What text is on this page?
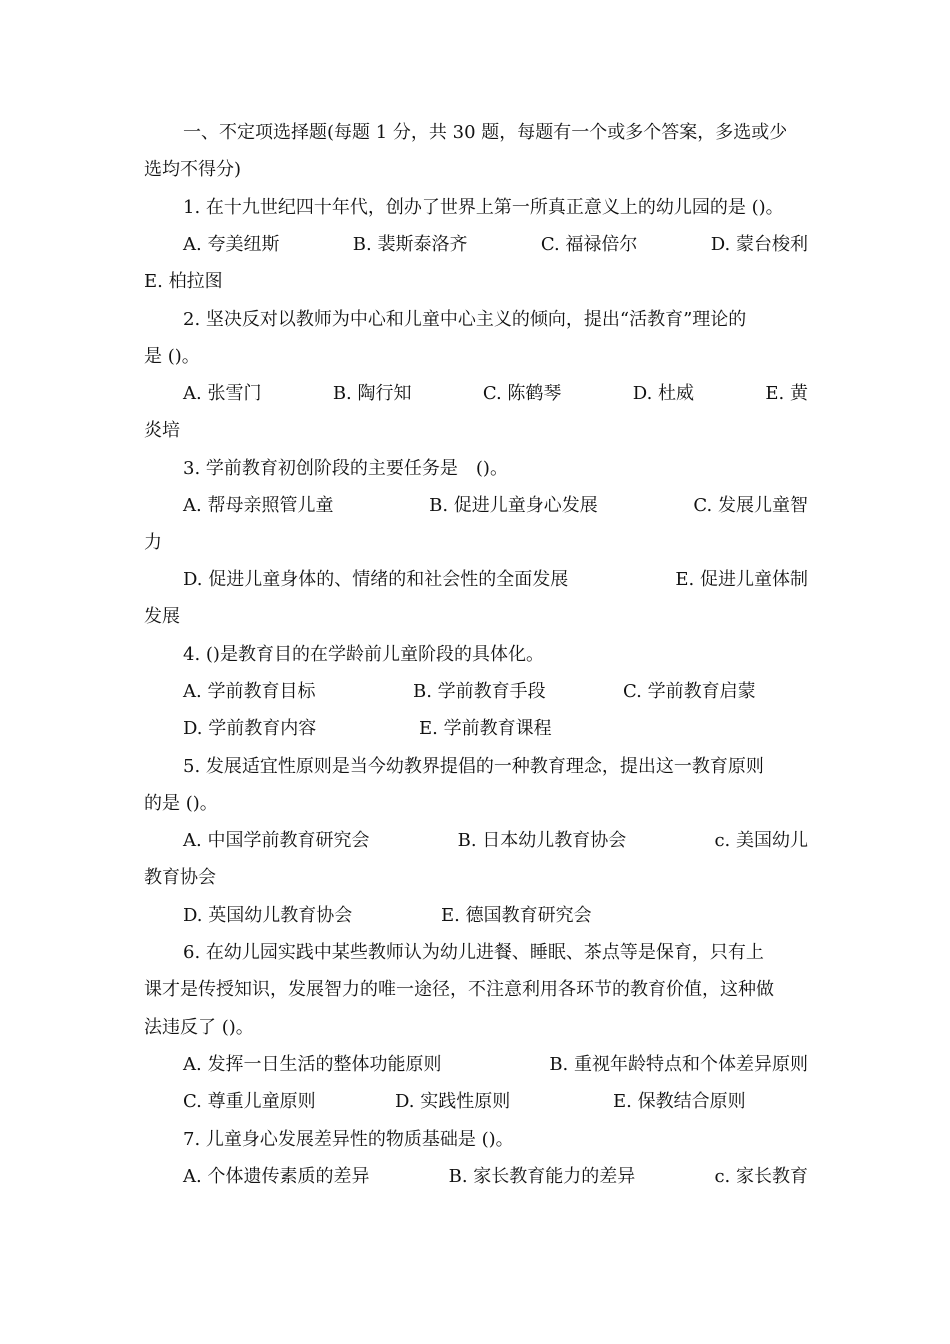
一、不定项选择题(每题 1 分，共 30 题，每题有一个或多个答案，多选或少
选均不得分)
1. 在十九世纪四十年代，创办了世界上第一所真正意义上的幼儿园的是 ()。
A. 夸美纽斯	B. 裴斯泰洛齐	C. 福禄倍尔	D. 蒙台梭利
E. 柏拉图
2. 坚决反对以教师为中心和儿童中心主义的倾向，提出“活教育”理论的
是 ()。
A. 张雪门	B. 陶行知	C. 陈鹤琴	D. 杜威	E. 黄
炎培
3. 学前教育初创阶段的主要任务是　()。
A. 帮母亲照管儿童	B. 促进儿童身心发展	C. 发展儿童智
力
D. 促进儿童身体的、情绪的和社会性的全面发展	E. 促进儿童体制
发展
4. ()是教育目的在学龄前儿童阶段的具体化。
A. 学前教育目标	B. 学前教育手段	C. 学前教育启蒙
D. 学前教育内容	E. 学前教育课程
5. 发展适宜性原则是当今幼教界提倡的一种教育理念，提出这一教育原则
的是 ()。
A. 中国学前教育研究会	B. 日本幼儿教育协会	c. 美国幼儿
教育协会
D. 英国幼儿教育协会	E. 德国教育研究会
6. 在幼儿园实践中某些教师认为幼儿进餐、睡眠、茶点等是保育，只有上
课才是传授知识，发展智力的唯一途径，不注意利用各环节的教育价值，这种做
法违反了 ()。
A. 发挥一日生活的整体功能原则	B. 重视年龄特点和个体差异原则
C. 尊重儿童原则	D. 实践性原则	E. 保教结合原则
7. 儿童身心发展差异性的物质基础是 ()。
A. 个体遗传素质的差异	B. 家长教育能力的差异	c. 家长教育
